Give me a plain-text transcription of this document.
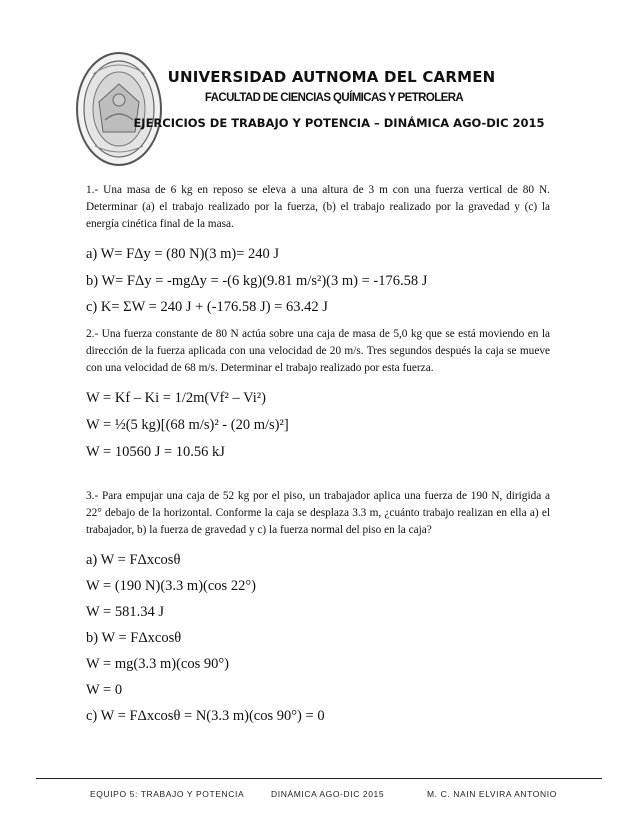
UNIVERSIDAD AUTNOMA DEL CARMEN
FACULTAD DE CIENCIAS QUÍMICAS Y PETROLERA
EJERCICIOS DE TRABAJO Y POTENCIA – DINÁMICA AGO-DIC 2015

1.- Una masa de 6 kg en reposo se eleva a una altura de 3 m con una fuerza vertical de 80 N. Determinar (a) el trabajo realizado por la fuerza, (b) el trabajo realizado por la gravedad y (c) la energía cinética final de la masa.

a) W= FΔy = (80 N)(3 m)= 240 J

b) W= FΔy = -mgΔy = -(6 kg)(9.81 m/s²)(3 m) = -176.58 J

c) K= ΣW = 240 J + (-176.58 J) = 63.42 J

2.- Una fuerza constante de 80 N actúa sobre una caja de masa de 5,0 kg que se está moviendo en la dirección de la fuerza aplicada con una velocidad de 20 m/s. Tres segundos después la caja se mueve con una velocidad de 68 m/s. Determinar el trabajo realizado por esta fuerza.

W = Kf – Ki = 1/2m(Vf² – Vi²)

W = ½(5 kg)[(68 m/s)² - (20 m/s)²]

W = 10560 J = 10.56 kJ

3.- Para empujar una caja de 52 kg por el piso, un trabajador aplica una fuerza de 190 N, dirigida a 22° debajo de la horizontal. Conforme la caja se desplaza 3.3 m, ¿cuánto trabajo realizan en ella a) el trabajador, b) la fuerza de gravedad y c) la fuerza normal del piso en la caja?

a) W = FΔxcosθ

W = (190 N)(3.3 m)(cos 22°)

W = 581.34 J

b) W = FΔxcosθ

W = mg(3.3 m)(cos 90°)

W = 0

c) W = FΔxcosθ = N(3.3 m)(cos 90°) = 0

EQUIPO 5: TRABAJO Y POTENCIA	DINÁMICA AGO-DIC 2015	M. C. NAIN ELVIRA ANTONIO
